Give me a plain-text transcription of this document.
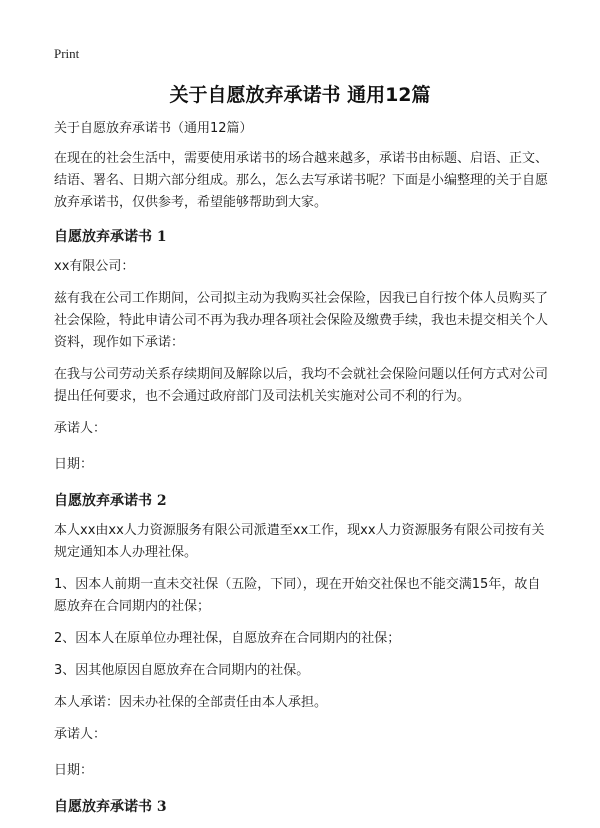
Print
关于自愿放弃承诺书 通用12篇

关于自愿放弃承诺书（通用12篇）

在现在的社会生活中，需要使用承诺书的场合越来越多，承诺书由标题、启语、正文、结语、署名、日期六部分组成。那么，怎么去写承诺书呢？下面是小编整理的关于自愿放弃承诺书，仅供参考，希望能够帮助到大家。

自愿放弃承诺书 1

xx有限公司：

兹有我在公司工作期间，公司拟主动为我购买社会保险，因我已自行按个体人员购买了社会保险，特此申请公司不再为我办理各项社会保险及缴费手续，我也未提交相关个人资料，现作如下承诺：

在我与公司劳动关系存续期间及解除以后，我均不会就社会保险问题以任何方式对公司提出任何要求，也不会通过政府部门及司法机关实施对公司不利的行为。

承诺人：

日期：

自愿放弃承诺书 2

本人xx由xx人力资源服务有限公司派遣至xx工作，现xx人力资源服务有限公司按有关规定通知本人办理社保。

1、因本人前期一直未交社保（五险，下同），现在开始交社保也不能交满15年，故自愿放弃在合同期内的社保；

2、因本人在原单位办理社保，自愿放弃在合同期内的社保；

3、因其他原因自愿放弃在合同期内的社保。

本人承诺：因未办社保的全部责任由本人承担。

承诺人：

日期：

自愿放弃承诺书 3
